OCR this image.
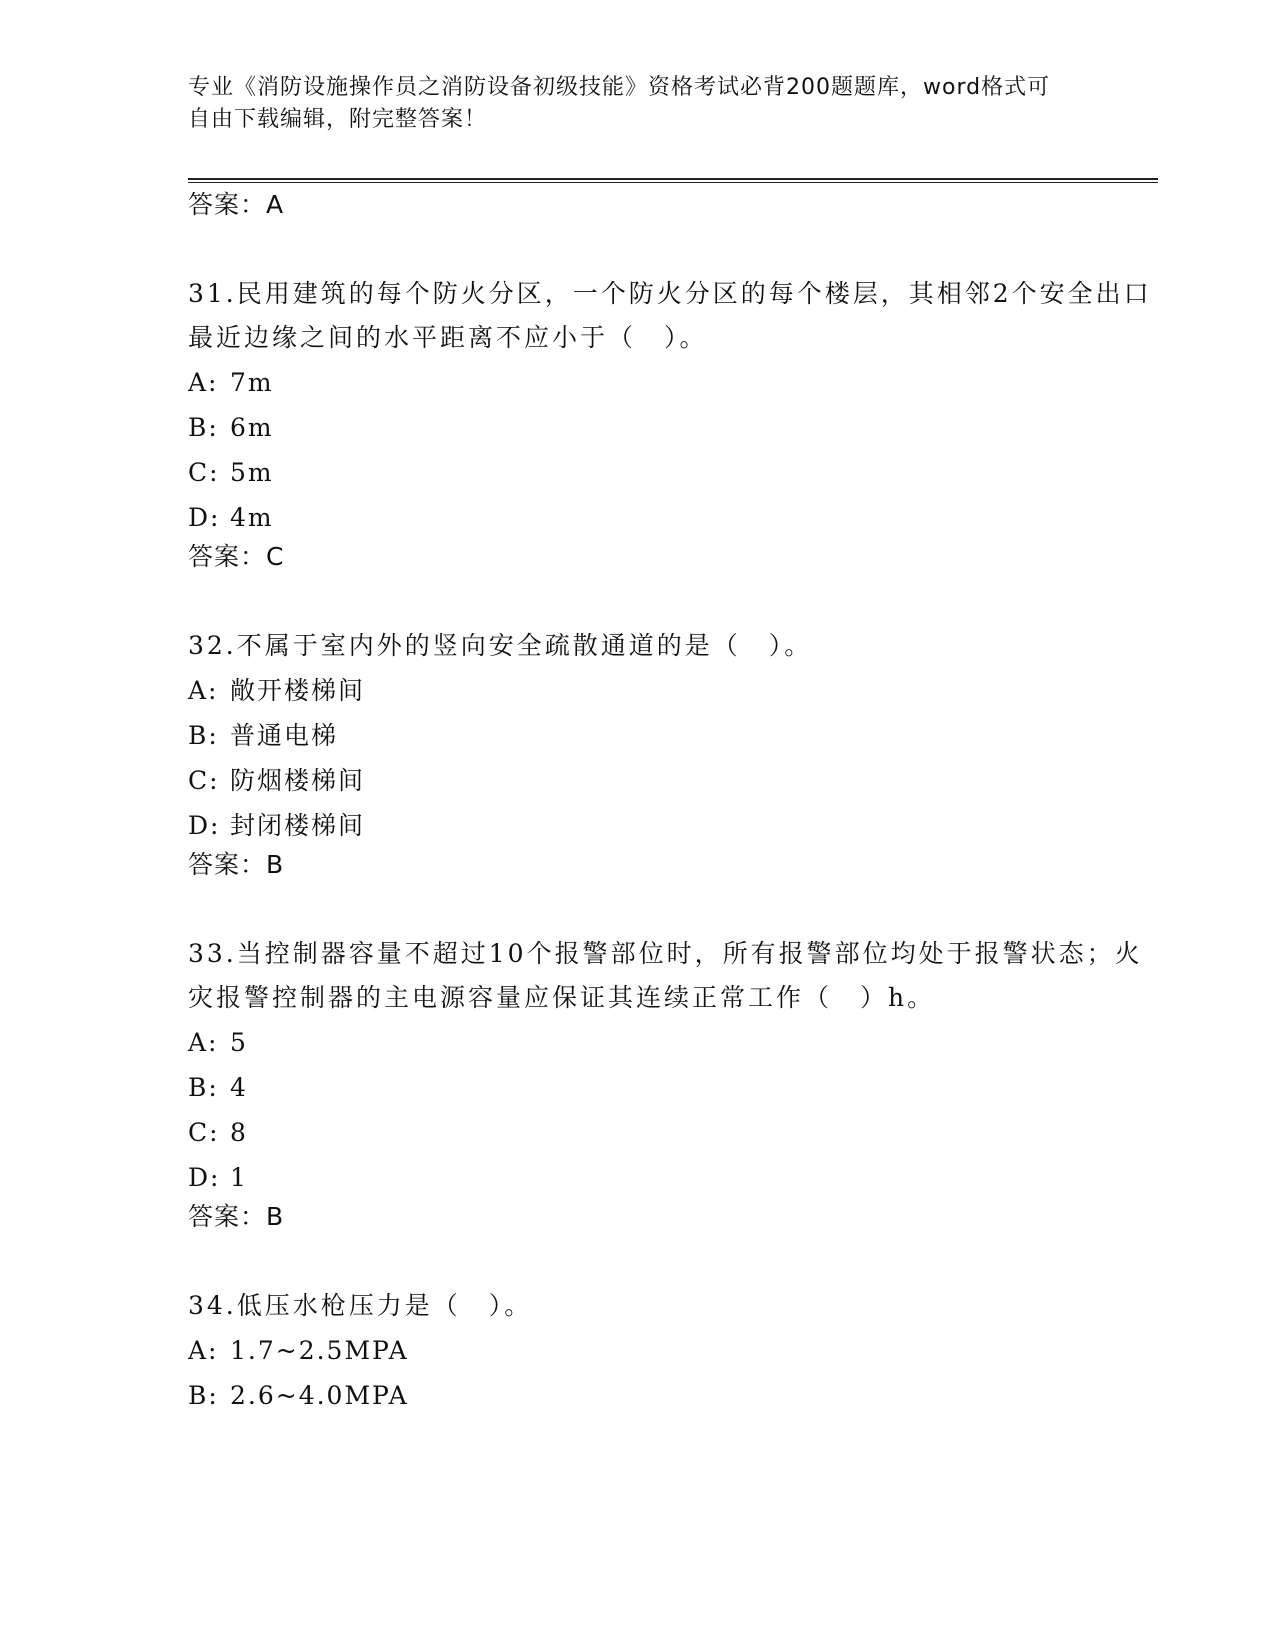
专业《消防设施操作员之消防设备初级技能》资格考试必背200题题库，word格式可自由下载编辑，附完整答案！

答案：A

31.民用建筑的每个防火分区，一个防火分区的每个楼层，其相邻2个安全出口最近边缘之间的水平距离不应小于（　）。

A: 7m

B: 6m

C: 5m

D: 4m

答案：C

32.不属于室内外的竖向安全疏散通道的是（　）。

A: 敞开楼梯间

B: 普通电梯

C: 防烟楼梯间

D: 封闭楼梯间

答案：B

33.当控制器容量不超过10个报警部位时，所有报警部位均处于报警状态；火灾报警控制器的主电源容量应保证其连续正常工作（　）h。

A: 5

B: 4

C: 8

D: 1

答案：B

34.低压水枪压力是（　）。

A: 1.7~2.5MPA

B: 2.6~4.0MPA
